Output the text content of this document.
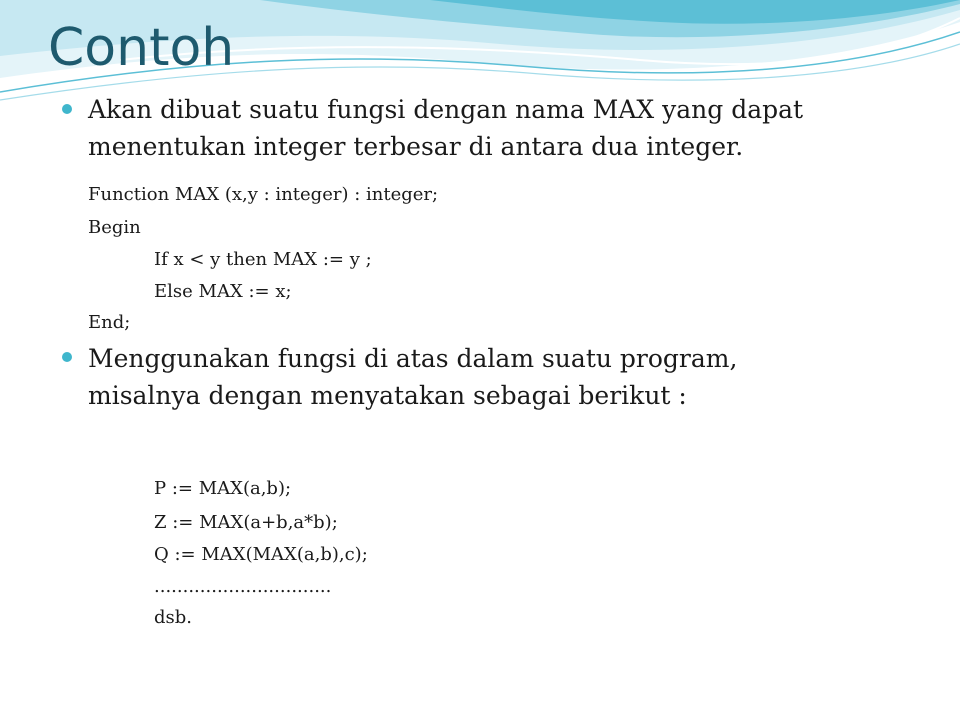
Contoh
Akan dibuat suatu fungsi dengan nama MAX yang dapat
menentukan integer terbesar di antara dua integer.
Function MAX (x,y : integer) : integer;
Begin
If x < y then MAX := y ;
Else MAX := x;
End;
Menggunakan fungsi di atas dalam suatu program,
misalnya dengan menyatakan sebagai berikut :
P := MAX(a,b);
Z := MAX(a+b,a*b);
Q := MAX(MAX(a,b),c);
...............................
dsb.
